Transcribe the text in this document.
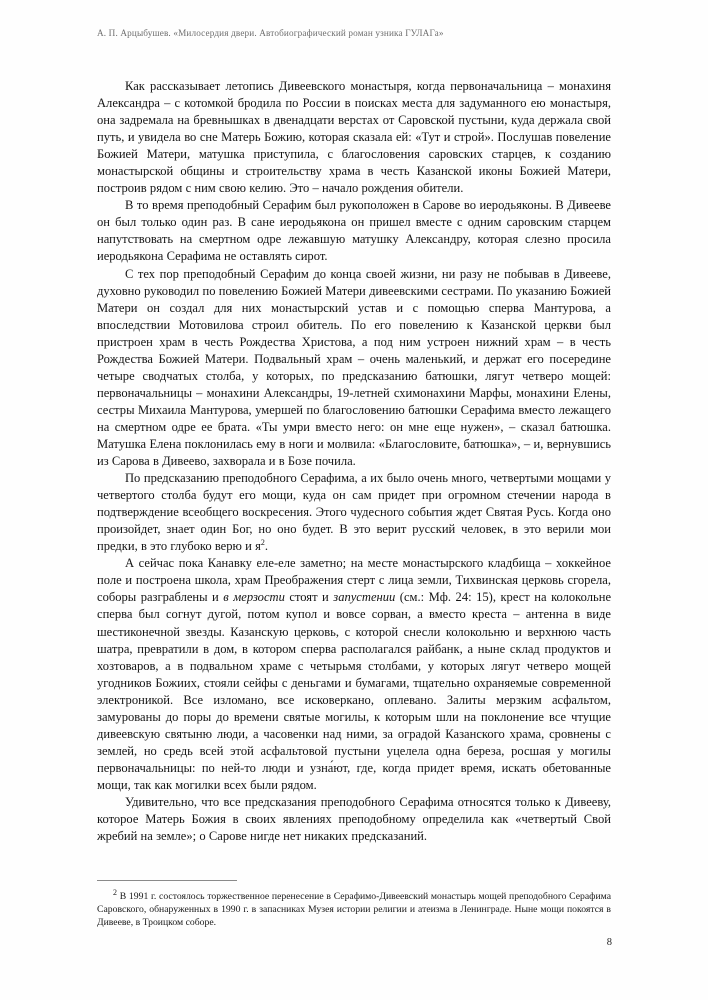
А. П. Арцыбушев. «Милосердия двери. Автобиографический роман узника ГУЛАГа»

Как рассказывает летопись Дивеевского монастыря, когда первоначальница – монахиня Александра – с котомкой бродила по России в поисках места для задуманного ею монастыря, она задремала на бревнышках в двенадцати верстах от Саровской пустыни, куда держала свой путь, и увидела во сне Матерь Божию, которая сказала ей: «Тут и строй». Послушав повеление Божией Матери, матушка приступила, с благословения саровских старцев, к созданию монастырской общины и строительству храма в честь Казанской иконы Божией Матери, построив рядом с ним свою келию. Это – начало рождения обители.

В то время преподобный Серафим был рукоположен в Сарове во иеродьяконы. В Дивееве он был только один раз. В сане иеродьякона он пришел вместе с одним саровским старцем напутствовать на смертном одре лежавшую матушку Александру, которая слезно просила иеродьякона Серафима не оставлять сирот.

С тех пор преподобный Серафим до конца своей жизни, ни разу не побывав в Дивееве, духовно руководил по повелению Божией Матери дивеевскими сестрами. По указанию Божией Матери он создал для них монастырский устав и с помощью сперва Мантурова, а впоследствии Мотовилова строил обитель. По его повелению к Казанской церкви был пристроен храм в честь Рождества Христова, а под ним устроен нижний храм – в честь Рождества Божией Матери. Подвальный храм – очень маленький, и держат его посередине четыре сводчатых столба, у которых, по предсказанию батюшки, лягут четверо мощей: первоначальницы – монахини Александры, 19-летней схимонахини Марфы, монахини Елены, сестры Михаила Мантурова, умершей по благословению батюшки Серафима вместо лежащего на смертном одре ее брата. «Ты умри вместо него: он мне еще нужен», – сказал батюшка. Матушка Елена поклонилась ему в ноги и молвила: «Благословите, батюшка», – и, вернувшись из Сарова в Дивеево, захворала и в Бозе почила.

По предсказанию преподобного Серафима, а их было очень много, четвертыми мощами у четвертого столба будут его мощи, куда он сам придет при огромном стечении народа в подтверждение всеобщего воскресения. Этого чудесного события ждет Святая Русь. Когда оно произойдет, знает один Бог, но оно будет. В это верит русский человек, в это верили мои предки, в это глубоко верю и я$^2$.

А сейчас пока Канавку еле-еле заметно; на месте монастырского кладбища – хоккейное поле и построена школа, храм Преображения стерт с лица земли, Тихвинская церковь сгорела, соборы разграблены и в мерзости стоят и запустении (см.: Мф. 24: 15), крест на колокольне сперва был согнут дугой, потом купол и вовсе сорван, а вместо креста – антенна в виде шестиконечной звезды. Казанскую церковь, с которой снесли колокольню и верхнюю часть шатра, превратили в дом, в котором сперва располагался райбанк, а ныне склад продуктов и хозтоваров, а в подвальном храме с четырьмя столбами, у которых лягут четверо мощей угодников Божиих, стояли сейфы с деньгами и бумагами, тщательно охраняемые современной электроникой. Все изломано, все исковеркано, оплевано. Залиты мерзким асфальтом, замурованы до поры до времени святые могилы, к которым шли на поклонение все чтущие дивеевскую святыню люди, а часовенки над ними, за оградой Казанского храма, сровнены с землей, но средь всей этой асфальтовой пустыни уцелела одна береза, росшая у могилы первоначальницы: по ней-то люди и узна́ют, где, когда придет время, искать обетованные мощи, так как могилки всех были рядом.

Удивительно, что все предсказания преподобного Серафима относятся только к Дивееву, которое Матерь Божия в своих явлениях преподобному определила как «четвертый Свой жребий на земле»; о Сарове нигде нет никаких предсказаний.

$^2$ В 1991 г. состоялось торжественное перенесение в Серафимо-Дивеевский монастырь мощей преподобного Серафима Саровского, обнаруженных в 1990 г. в запасниках Музея истории религии и атеизма в Ленинграде. Ныне мощи покоятся в Дивееве, в Троицком соборе.

8
